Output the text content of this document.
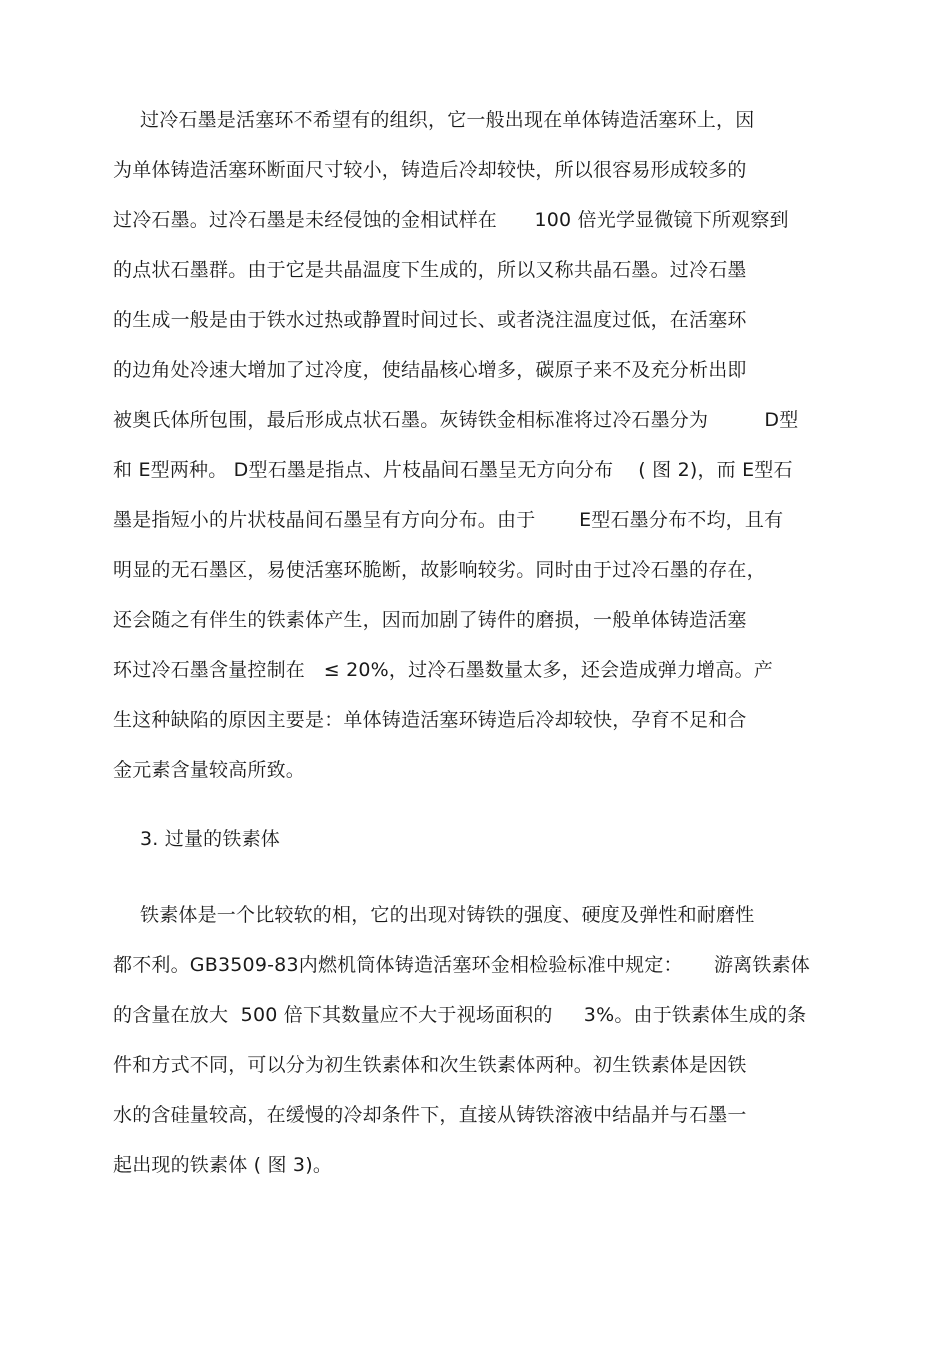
过冷石墨是活塞环不希望有的组织，它一般出现在单体铸造活塞环上，因
为单体铸造活塞环断面尺寸较小，铸造后冷却较快，所以很容易形成较多的
过冷石墨。过冷石墨是未经侵蚀的金相试样在      100 倍光学显微镜下所观察到
的点状石墨群。由于它是共晶温度下生成的，所以又称共晶石墨。过冷石墨
的生成一般是由于铁水过热或静置时间过长、或者浇注温度过低，在活塞环
的边角处冷速大增加了过冷度，使结晶核心增多，碳原子来不及充分析出即
被奥氏体所包围，最后形成点状石墨。灰铸铁金相标准将过冷石墨分为         D型
和 E型两种。 D型石墨是指点、片枝晶间石墨呈无方向分布    ( 图 2)，而 E型石
墨是指短小的片状枝晶间石墨呈有方向分布。由于       E型石墨分布不均，且有
明显的无石墨区，易使活塞环脆断，故影响较劣。同时由于过冷石墨的存在，
还会随之有伴生的铁素体产生，因而加剧了铸件的磨损，一般单体铸造活塞
环过冷石墨含量控制在   ≤ 20%，过冷石墨数量太多，还会造成弹力增高。产
生这种缺陷的原因主要是：单体铸造活塞环铸造后冷却较快，孕育不足和合
金元素含量较高所致。
3. 过量的铁素体
铁素体是一个比较软的相，它的出现对铸铁的强度、硬度及弹性和耐磨性
都不利。GB3509-83内燃机筒体铸造活塞环金相检验标准中规定：     游离铁素体
的含量在放大  500 倍下其数量应不大于视场面积的     3%。由于铁素体生成的条
件和方式不同，可以分为初生铁素体和次生铁素体两种。初生铁素体是因铁
水的含硅量较高，在缓慢的冷却条件下，直接从铸铁溶液中结晶并与石墨一
起出现的铁素体 ( 图 3)。
